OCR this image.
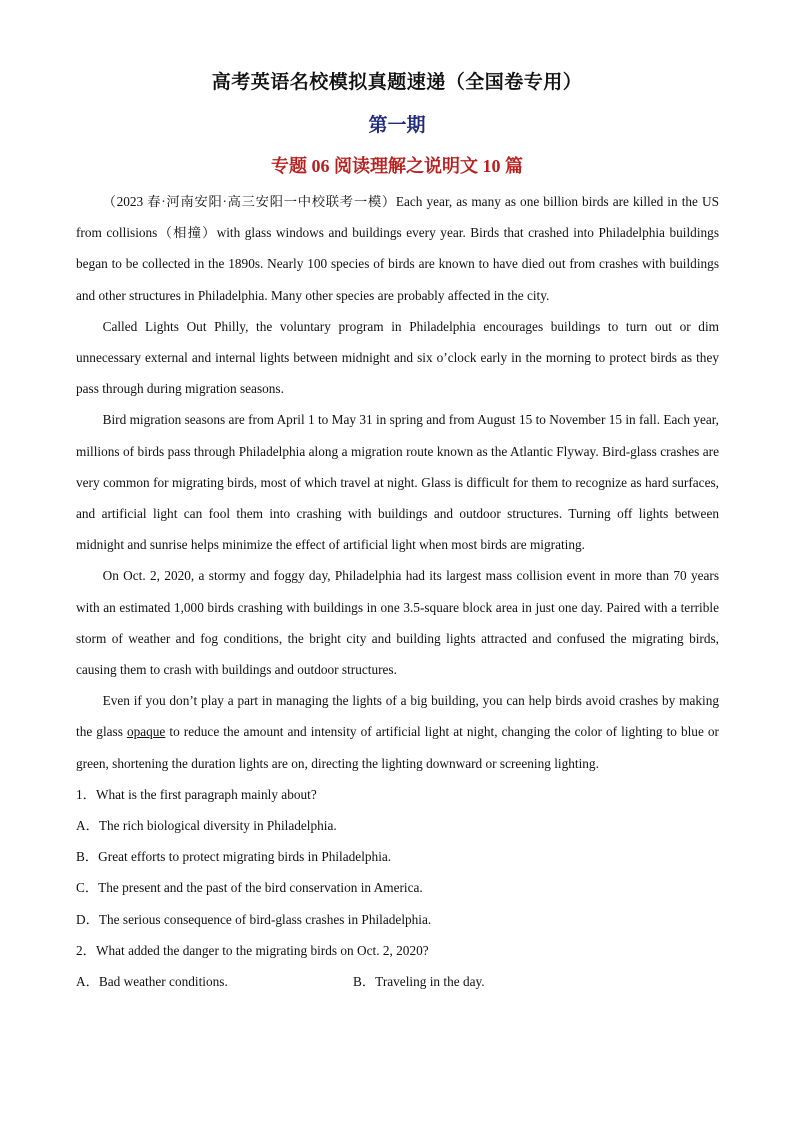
高考英语名校模拟真题速递（全国卷专用）
第一期
专题 06 阅读理解之说明文 10 篇

（2023 春·河南安阳·高三安阳一中校联考一模）Each year, as many as one billion birds are killed in the US from collisions（相撞）with glass windows and buildings every year. Birds that crashed into Philadelphia buildings began to be collected in the 1890s. Nearly 100 species of birds are known to have died out from crashes with buildings and other structures in Philadelphia. Many other species are probably affected in the city.

Called Lights Out Philly, the voluntary program in Philadelphia encourages buildings to turn out or dim unnecessary external and internal lights between midnight and six o’clock early in the morning to protect birds as they pass through during migration seasons.

Bird migration seasons are from April 1 to May 31 in spring and from August 15 to November 15 in fall. Each year, millions of birds pass through Philadelphia along a migration route known as the Atlantic Flyway. Bird-glass crashes are very common for migrating birds, most of which travel at night. Glass is difficult for them to recognize as hard surfaces, and artificial light can fool them into crashing with buildings and outdoor structures. Turning off lights between midnight and sunrise helps minimize the effect of artificial light when most birds are migrating.

On Oct. 2, 2020, a stormy and foggy day, Philadelphia had its largest mass collision event in more than 70 years with an estimated 1,000 birds crashing with buildings in one 3.5-square block area in just one day. Paired with a terrible storm of weather and fog conditions, the bright city and building lights attracted and confused the migrating birds, causing them to crash with buildings and outdoor structures.

Even if you don’t play a part in managing the lights of a big building, you can help birds avoid crashes by making the glass opaque to reduce the amount and intensity of artificial light at night, changing the color of lighting to blue or green, shortening the duration lights are on, directing the lighting downward or screening lighting.

1．What is the first paragraph mainly about?
A．The rich biological diversity in Philadelphia.
B．Great efforts to protect migrating birds in Philadelphia.
C．The present and the past of the bird conservation in America.
D．The serious consequence of bird-glass crashes in Philadelphia.
2．What added the danger to the migrating birds on Oct. 2, 2020?
A．Bad weather conditions.	B．Traveling in the day.
